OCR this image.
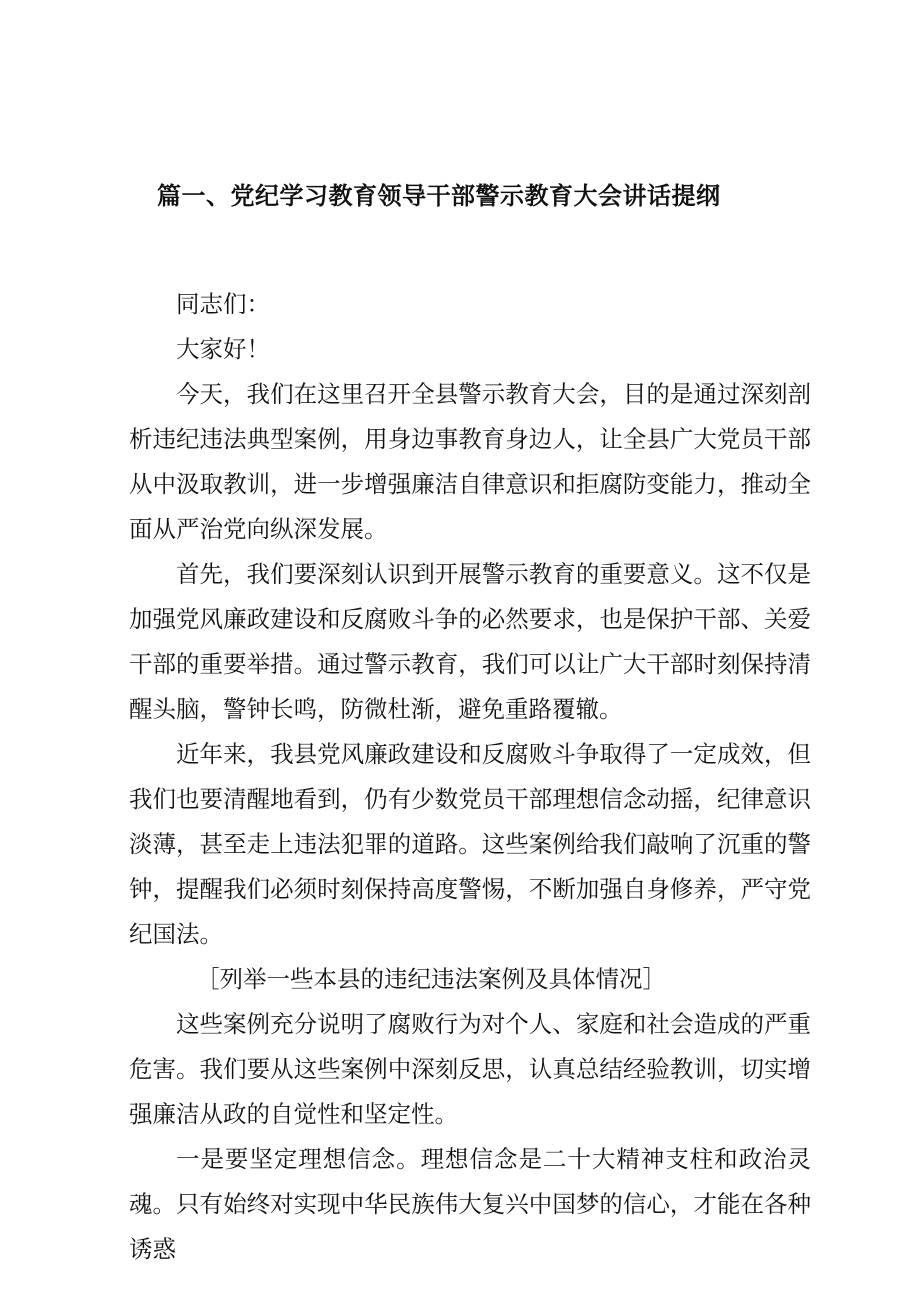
篇一、党纪学习教育领导干部警示教育大会讲话提纲

同志们：

大家好！

今天，我们在这里召开全县警示教育大会，目的是通过深刻剖析违纪违法典型案例，用身边事教育身边人，让全县广大党员干部从中汲取教训，进一步增强廉洁自律意识和拒腐防变能力，推动全面从严治党向纵深发展。

首先，我们要深刻认识到开展警示教育的重要意义。这不仅是加强党风廉政建设和反腐败斗争的必然要求，也是保护干部、关爱干部的重要举措。通过警示教育，我们可以让广大干部时刻保持清醒头脑，警钟长鸣，防微杜渐，避免重路覆辙。

近年来，我县党风廉政建设和反腐败斗争取得了一定成效，但我们也要清醒地看到，仍有少数党员干部理想信念动摇，纪律意识淡薄，甚至走上违法犯罪的道路。这些案例给我们敲响了沉重的警钟，提醒我们必须时刻保持高度警惕，不断加强自身修养，严守党纪国法。

［列举一些本县的违纪违法案例及具体情况］

这些案例充分说明了腐败行为对个人、家庭和社会造成的严重危害。我们要从这些案例中深刻反思，认真总结经验教训，切实增强廉洁从政的自觉性和坚定性。

一是要坚定理想信念。理想信念是二十大精神支柱和政治灵魂。只有始终对实现中华民族伟大复兴中国梦的信心，才能在各种诱惑
